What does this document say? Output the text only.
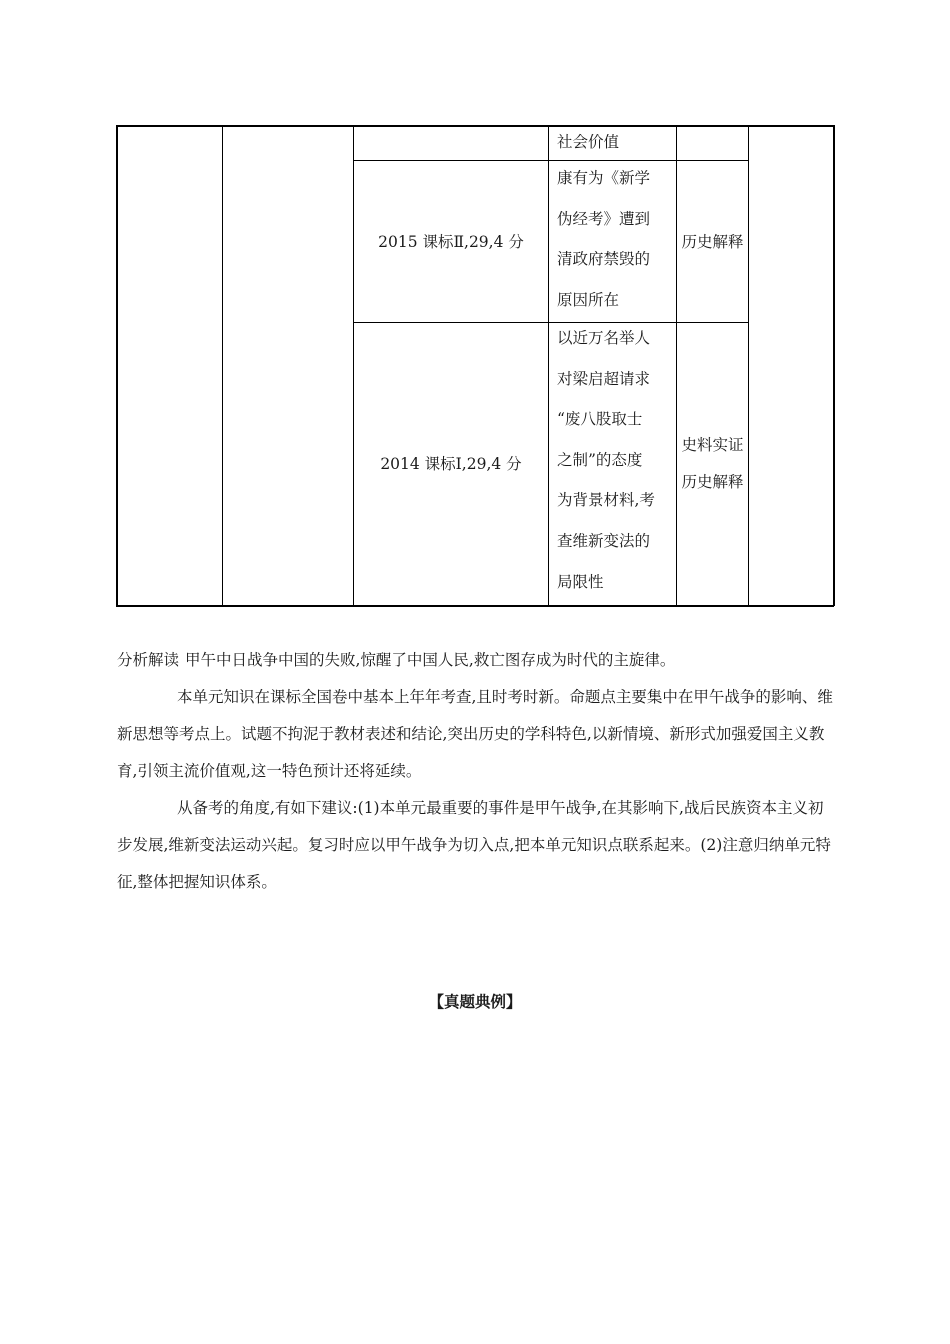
社会价值
2015 课标Ⅱ,29,4 分
康有为《新学
伪经考》遭到
清政府禁毁的
原因所在
历史解释
2014 课标Ⅰ,29,4 分
以近万名举人
对梁启超请求
“废八股取士
之制”的态度
为背景材料,考
查维新变法的
局限性
史料实证
历史解释

分析解读 甲午中日战争中国的失败,惊醒了中国人民,救亡图存成为时代的主旋律。

本单元知识在课标全国卷中基本上年年考查,且时考时新。命题点主要集中在甲午战争的影响、维新思想等考点上。试题不拘泥于教材表述和结论,突出历史的学科特色,以新情境、新形式加强爱国主义教育,引领主流价值观,这一特色预计还将延续。

从备考的角度,有如下建议:(1)本单元最重要的事件是甲午战争,在其影响下,战后民族资本主义初步发展,维新变法运动兴起。复习时应以甲午战争为切入点,把本单元知识点联系起来。(2)注意归纳单元特征,整体把握知识体系。

【真题典例】
